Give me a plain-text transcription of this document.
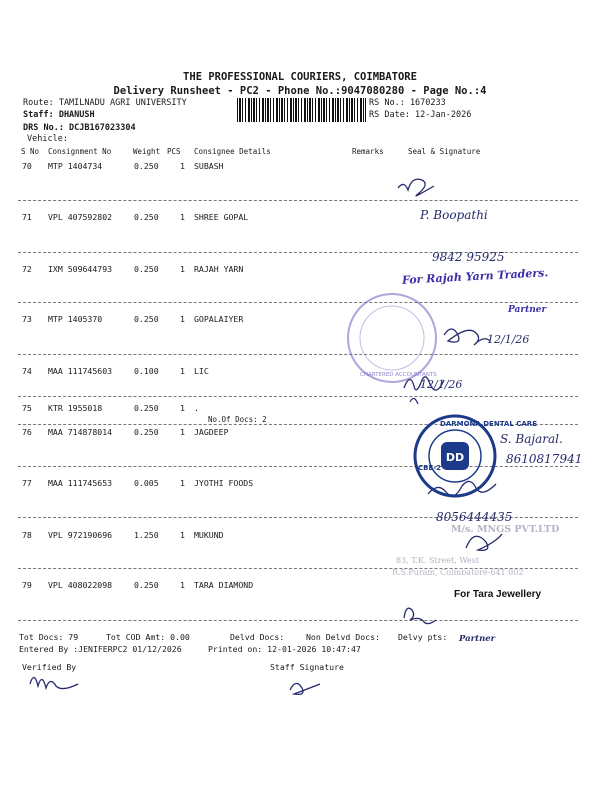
THE PROFESSIONAL COURIERS, COIMBATORE
Delivery Runsheet - PC2 - Phone No.:9047080280 - Page No.:4
Route: TAMILNADU AGRI UNIVERSITY
Staff: DHANUSH
DRS No.: DCJB167023304
Vehicle:
RS No.: 1670233
RS Date: 12-Jan-2026
S No Consignment No	Weight PCS Consignee Details	Remarks	Seal & Signature
70 MTP 1404734	0.250	1 SUBASH
71 VPL 407592802	0.250	1 SHREE GOPAL
72 IXM 509644793	0.250	1 RAJAH YARN
73 MTP 1405370	0.250	1 GOPALAIYER
74 MAA 111745603	0.100	1 LIC
75 KTR 1955018	0.250	1 .
76 MAA 714878014	0.250	1 JAGDEEP
77 MAA 111745653	0.005	1 JYOTHI FOODS
78 VPL 972190696	1.250	1 MUKUND
79 VPL 408022098	0.250	1 TARA DIAMOND
No.Of Docs: 2
DD
DARMONA DENTAL CARE
CBE-2
P. Boopathi
9842 95925
For Rajah Yarn Traders.
Partner
CHARTERED ACCOUNTANTS
12/1/26
12/1/26
S. Bajaral.
8610817941
8056444435
Partner
M/s. MNGS PVT.LTD
83, T.K. Street, West
R.S.Puram, Coimbatore-641 002
For Tara Jewellery
Tot Docs: 79	Tot COD Amt: 0.00	Delvd Docs:	Non Delvd Docs: Delvy pts:
Entered By :JENIFERPC2 01/12/2026	Printed on: 12-01-2026 10:47:47
Verified By	Staff Signature
